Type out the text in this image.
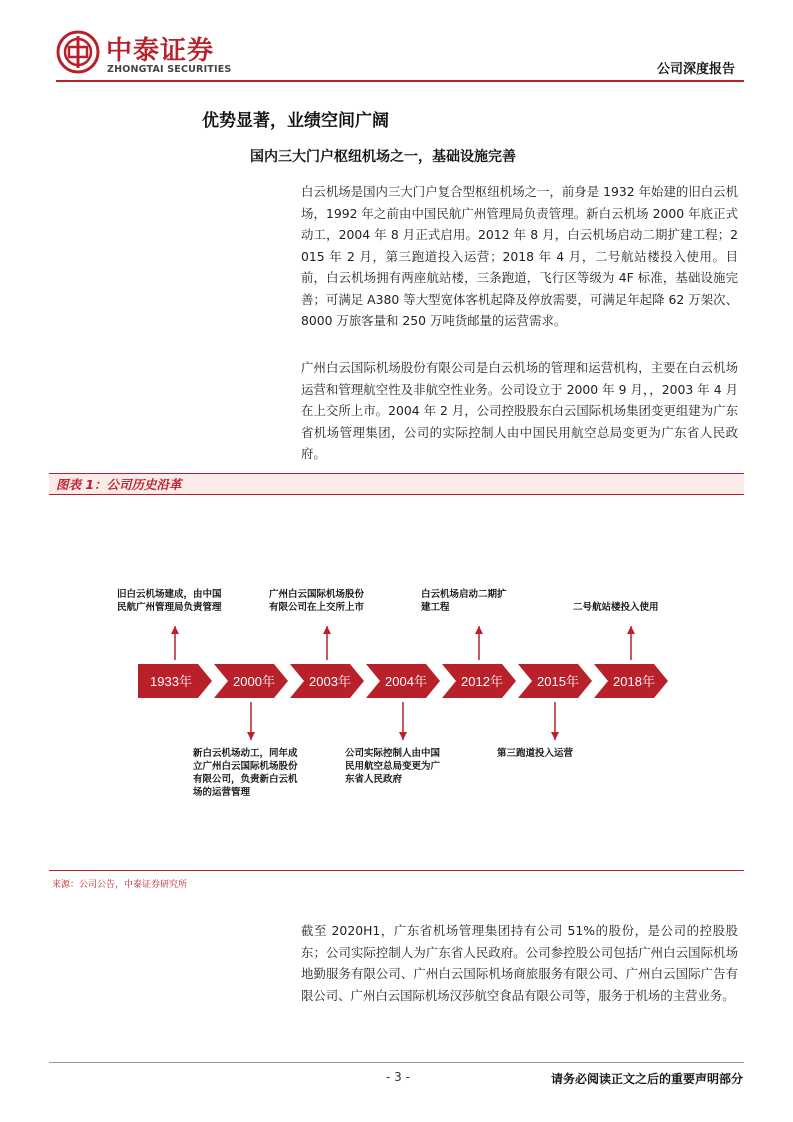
中泰证券
ZHONGTAI SECURITIES	公司深度报告
优势显著，业绩空间广阔
国内三大门户枢纽机场之一，基础设施完善
白云机场是国内三大门户复合型枢纽机场之一，前身是 1932 年始建的旧白云机场，1992 年之前由中国民航广州管理局负责管理。新白云机场 2000 年底正式动工，2004 年 8 月正式启用。2012 年 8 月，白云机场启动二期扩建工程；2015 年 2 月，第三跑道投入运营；2018 年 4 月，二号航站楼投入使用。目前，白云机场拥有两座航站楼，三条跑道，飞行区等级为 4F 标准，基础设施完善；可满足 A380 等大型宽体客机起降及停放需要，可满足年起降 62 万架次、8000 万旅客量和 250 万吨货邮量的运营需求。
广州白云国际机场股份有限公司是白云机场的管理和运营机构，主要在白云机场运营和管理航空性及非航空性业务。公司设立于 2000 年 9 月，，2003 年 4 月在上交所上市。2004 年 2 月，公司控股股东白云国际机场集团变更组建为广东省机场管理集团，公司的实际控制人由中国民用航空总局变更为广东省人民政府。
图表 1：公司历史沿革
1933年	2000年	2003年	2004年	2012年	2015年	2018年
旧白云机场建成，由中国
民航广州管理局负责管理
广州白云国际机场股份
有限公司在上交所上市
白云机场启动二期扩
建工程	二号航站楼投入使用
新白云机场动工，同年成
立广州白云国际机场股份
有限公司，负责新白云机
场的运营管理
公司实际控制人由中国
民用航空总局变更为广
东省人民政府
第三跑道投入运营
来源：公司公告，中泰证券研究所
截至 2020H1，广东省机场管理集团持有公司 51%的股份，是公司的控股股东；公司实际控制人为广东省人民政府。公司参控股公司包括广州白云国际机场地勤服务有限公司、广州白云国际机场商旅服务有限公司、广州白云国际广告有限公司、广州白云国际机场汉莎航空食品有限公司等，服务于机场的主营业务。
- 3 -	请务必阅读正文之后的重要声明部分
